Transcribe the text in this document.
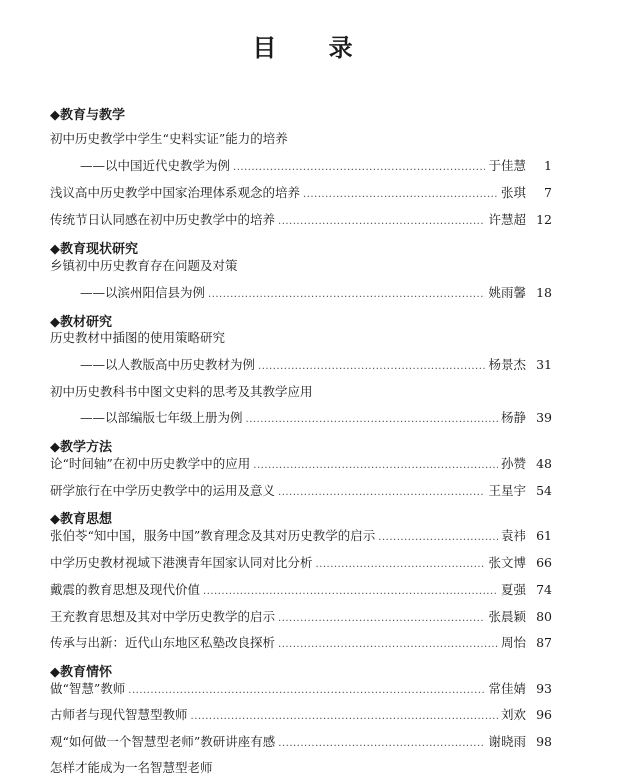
目 录
◆教育与教学
初中历史教学中学生“史料实证”能力的培养
——以中国近代史教学为例 .....	于佳慧	1
浅议高中历史教学中国家治理体系观念的培养 .....	张琪	7
传统节日认同感在初中历史教学中的培养 .....	许慧超 12
◆教育现状研究
乡镇初中历史教育存在问题及对策
——以滨州阳信县为例 .....	姚雨馨 18
◆教材研究
历史教材中插图的使用策略研究
——以人教版高中历史教材为例 .....	杨景杰 31
初中历史教科书中图文史料的思考及其教学应用
——以部编版七年级上册为例 .....	杨静 39
◆教学方法
论“时间轴”在初中历史教学中的应用 .....	孙赞 48
研学旅行在中学历史教学中的运用及意义 .....	王星宇 54
◆教育思想
张伯苓“知中国，服务中国”教育理念及其对历史教学的启示 .....	袁祎 61
中学历史教材视域下港澳青年国家认同对比分析 .....	张文博 66
戴震的教育思想及现代价值 .....	夏强 74
王充教育思想及其对中学历史教学的启示 .....	张晨颖 80
传承与出新：近代山东地区私塾改良探析 .....	周怡 87
◆教育情怀
做“智慧”教师 .....	常佳婧 93
古师者与现代智慧型教师 .....	刘欢 96
观“如何做一个智慧型老师”教研讲座有感 .....	谢晓雨 98
怎样才能成为一名智慧型老师
